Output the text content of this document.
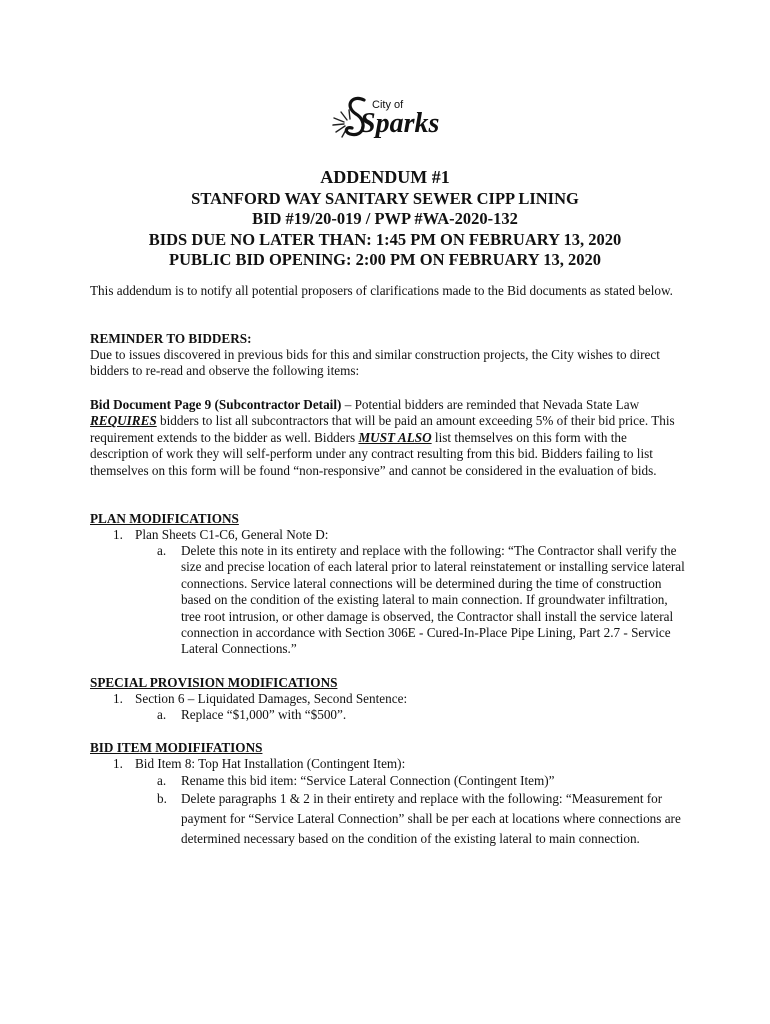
City of
Sparks
ADDENDUM #1
STANFORD WAY SANITARY SEWER CIPP LINING
BID #19/20-019 / PWP #WA-2020-132
BIDS DUE NO LATER THAN: 1:45 PM ON FEBRUARY 13, 2020
PUBLIC BID OPENING: 2:00 PM ON FEBRUARY 13, 2020
This addendum is to notify all potential proposers of clarifications made to the Bid documents as stated below.
REMINDER TO BIDDERS:
Due to issues discovered in previous bids for this and similar construction projects, the City wishes to direct bidders to re-read and observe the following items:
Bid Document Page 9 (Subcontractor Detail) – Potential bidders are reminded that Nevada State Law REQUIRES bidders to list all subcontractors that will be paid an amount exceeding 5% of their bid price. This requirement extends to the bidder as well. Bidders MUST ALSO list themselves on this form with the description of work they will self-perform under any contract resulting from this bid. Bidders failing to list themselves on this form will be found “non-responsive” and cannot be considered in the evaluation of bids.
PLAN MODIFICATIONS
1. Plan Sheets C1-C6, General Note D:
a.	Delete this note in its entirety and replace with the following: “The Contractor shall verify the size and precise location of each lateral prior to lateral reinstatement or installing service lateral connections. Service lateral connections will be determined during the time of construction based on the condition of the existing lateral to main connection. If groundwater infiltration, tree root intrusion, or other damage is observed, the Contractor shall install the service lateral connection in accordance with Section 306E - Cured-In-Place Pipe Lining, Part 2.7 - Service Lateral Connections.”
SPECIAL PROVISION MODIFICATIONS
1. Section 6 – Liquidated Damages, Second Sentence:
a.	Replace “$1,000” with “$500”.
BID ITEM MODIFIFATIONS
1. Bid Item 8: Top Hat Installation (Contingent Item):
a.	Rename this bid item: “Service Lateral Connection (Contingent Item)”
b.	Delete paragraphs 1 & 2 in their entirety and replace with the following: “Measurement for payment for “Service Lateral Connection” shall be per each at locations where connections are determined necessary based on the condition of the existing lateral to main connection.
